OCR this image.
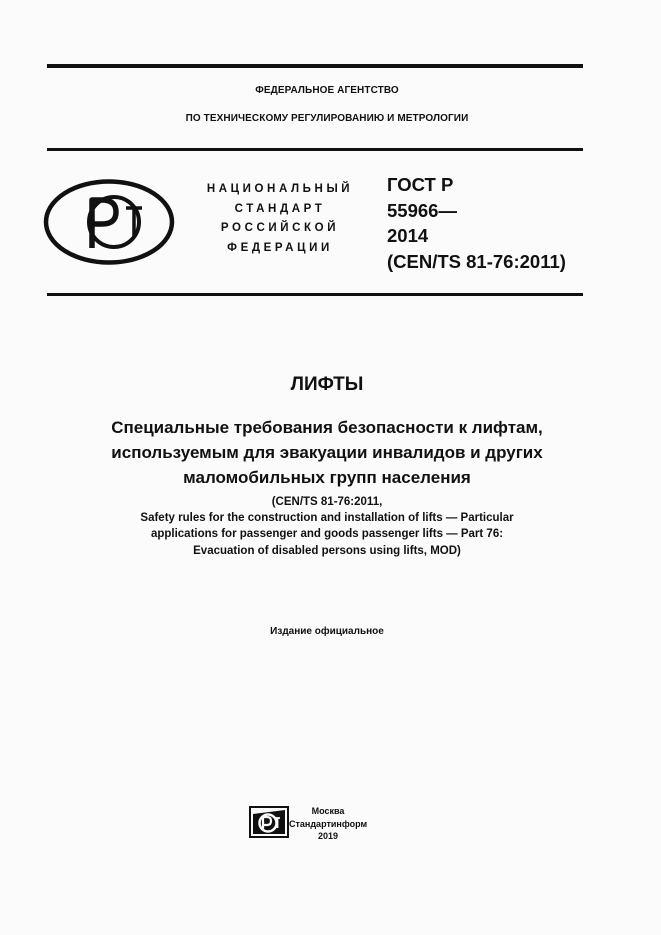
ФЕДЕРАЛЬНОЕ АГЕНТСТВО
ПО ТЕХНИЧЕСКОМУ РЕГУЛИРОВАНИЮ И МЕТРОЛОГИИ
НАЦИОНАЛЬНЫЙ
СТАНДАРТ
РОССИЙСКОЙ
ФЕДЕРАЦИИ
ГОСТ Р
55966—
2014
(CEN/TS 81-76:2011)
ЛИФТЫ
Специальные требования безопасности к лифтам,
используемым для эвакуации инвалидов и других
маломобильных групп населения
(CEN/TS 81-76:2011,
Safety rules for the construction and installation of lifts — Particular
applications for passenger and goods passenger lifts — Part 76:
Evacuation of disabled persons using lifts, MOD)
Издание официальное
Москва
Стандартинформ
2019
